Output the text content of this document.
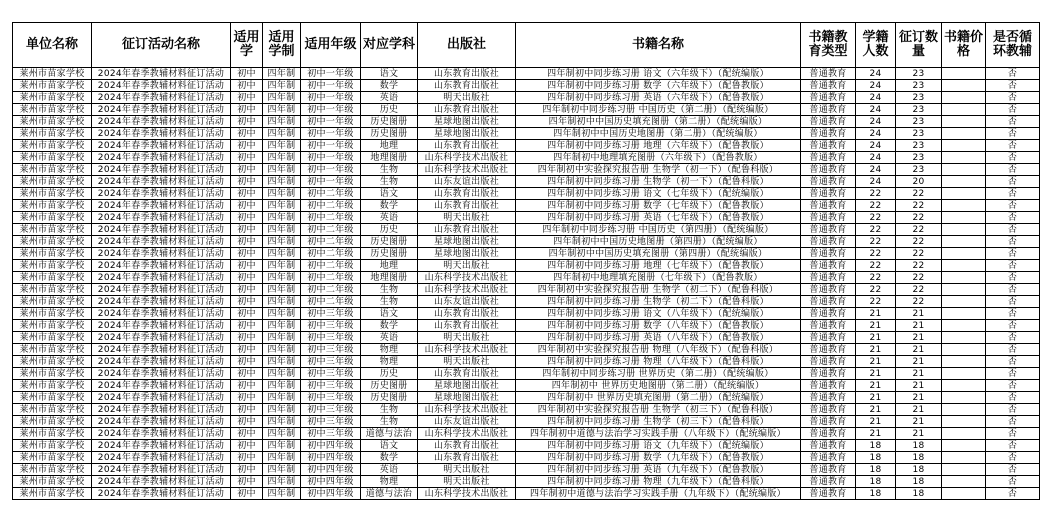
单位名称	征订活动名称	适用学	适用学制	适用年级	对应学科	出版社	书籍名称	书籍教育类型	学籍人数	征订数量	书籍价格	是否循环教辅
莱州市苗家学校	2024年春季教辅材料征订活动	初中	四年制	初中一年级	语文	山东教育出版社	四年制初中同步练习册 语文（六年级下）（配统编版）	普通教育	24	23		否
莱州市苗家学校	2024年春季教辅材料征订活动	初中	四年制	初中一年级	数学	山东教育出版社	四年制初中同步练习册 数学（六年级下）（配鲁教版）	普通教育	24	23		否
莱州市苗家学校	2024年春季教辅材料征订活动	初中	四年制	初中一年级	英语	明天出版社	四年制初中同步练习册 英语（六年级下）（配鲁教版）	普通教育	24	23		否
莱州市苗家学校	2024年春季教辅材料征订活动	初中	四年制	初中一年级	历史	山东教育出版社	四年制初中同步练习册 中国历史（第二册）（配统编版）	普通教育	24	23		否
莱州市苗家学校	2024年春季教辅材料征订活动	初中	四年制	初中一年级	历史图册	星球地图出版社	四年制初中中国历史填充图册（第二册）（配统编版）	普通教育	24	23		否
莱州市苗家学校	2024年春季教辅材料征订活动	初中	四年制	初中一年级	历史图册	星球地图出版社	四年制初中中国历史地图册（第二册）（配统编版）	普通教育	24	23		否
莱州市苗家学校	2024年春季教辅材料征订活动	初中	四年制	初中一年级	地理	山东教育出版社	四年制初中同步练习册 地理（六年级下）（配鲁教版）	普通教育	24	23		否
莱州市苗家学校	2024年春季教辅材料征订活动	初中	四年制	初中一年级	地理图册	山东科学技术出版社	四年制初中地理填充图册（六年级下）（配鲁教版）	普通教育	24	23		否
莱州市苗家学校	2024年春季教辅材料征订活动	初中	四年制	初中一年级	生物	山东科学技术出版社	四年制初中实验探究报告册 生物学（初一下）（配鲁科版）	普通教育	24	23		否
莱州市苗家学校	2024年春季教辅材料征订活动	初中	四年制	初中一年级	生物	山东友谊出版社	四年制初中同步练习册 生物学（初一下）（配鲁科版）	普通教育	24	20		否
莱州市苗家学校	2024年春季教辅材料征订活动	初中	四年制	初中二年级	语文	山东教育出版社	四年制初中同步练习册 语文（七年级下）（配统编版）	普通教育	22	22		否
莱州市苗家学校	2024年春季教辅材料征订活动	初中	四年制	初中二年级	数学	山东教育出版社	四年制初中同步练习册 数学（七年级下）（配鲁教版）	普通教育	22	22		否
莱州市苗家学校	2024年春季教辅材料征订活动	初中	四年制	初中二年级	英语	明天出版社	四年制初中同步练习册 英语（七年级下）（配鲁教版）	普通教育	22	22		否
莱州市苗家学校	2024年春季教辅材料征订活动	初中	四年制	初中二年级	历史	山东教育出版社	四年制初中同步练习册 中国历史（第四册）（配统编版）	普通教育	22	22		否
莱州市苗家学校	2024年春季教辅材料征订活动	初中	四年制	初中二年级	历史图册	星球地图出版社	四年制初中中国历史地图册（第四册）（配统编版）	普通教育	22	22		否
莱州市苗家学校	2024年春季教辅材料征订活动	初中	四年制	初中二年级	历史图册	星球地图出版社	四年制初中中国历史填充图册（第四册）（配统编版）	普通教育	22	22		否
莱州市苗家学校	2024年春季教辅材料征订活动	初中	四年制	初中二年级	地理	明天出版社	四年制初中同步练习册 地理（七年级下）（配鲁教版）	普通教育	22	22		否
莱州市苗家学校	2024年春季教辅材料征订活动	初中	四年制	初中二年级	地理图册	山东科学技术出版社	四年制初中地理填充图册（七年级下）（配鲁教版）	普通教育	22	22		否
莱州市苗家学校	2024年春季教辅材料征订活动	初中	四年制	初中二年级	生物	山东科学技术出版社	四年制初中实验探究报告册 生物学（初二下）（配鲁科版）	普通教育	22	22		否
莱州市苗家学校	2024年春季教辅材料征订活动	初中	四年制	初中二年级	生物	山东友谊出版社	四年制初中同步练习册 生物学（初二下）（配鲁科版）	普通教育	22	22		否
莱州市苗家学校	2024年春季教辅材料征订活动	初中	四年制	初中三年级	语文	山东教育出版社	四年制初中同步练习册 语文（八年级下）（配统编版）	普通教育	21	21		否
莱州市苗家学校	2024年春季教辅材料征订活动	初中	四年制	初中三年级	数学	山东教育出版社	四年制初中同步练习册 数学（八年级下）（配鲁教版）	普通教育	21	21		否
莱州市苗家学校	2024年春季教辅材料征订活动	初中	四年制	初中三年级	英语	明天出版社	四年制初中同步练习册 英语（八年级下）（配鲁教版）	普通教育	21	21		否
莱州市苗家学校	2024年春季教辅材料征订活动	初中	四年制	初中三年级	物理	山东科学技术出版社	四年制初中实验探究报告册 物理（八年级下）（配鲁科版）	普通教育	21	21		否
莱州市苗家学校	2024年春季教辅材料征订活动	初中	四年制	初中三年级	物理	明天出版社	四年制初中同步练习册 物理（八年级下）（配鲁科版）	普通教育	21	21		否
莱州市苗家学校	2024年春季教辅材料征订活动	初中	四年制	初中三年级	历史	山东教育出版社	四年制初中同步练习册 世界历史（第二册）（配统编版）	普通教育	21	21		否
莱州市苗家学校	2024年春季教辅材料征订活动	初中	四年制	初中三年级	历史图册	星球地图出版社	四年制初中 世界历史地图册（第二册）（配统编版）	普通教育	21	21		否
莱州市苗家学校	2024年春季教辅材料征订活动	初中	四年制	初中三年级	历史图册	星球地图出版社	四年制初中 世界历史填充图册（第二册）（配统编版）	普通教育	21	21		否
莱州市苗家学校	2024年春季教辅材料征订活动	初中	四年制	初中三年级	生物	山东科学技术出版社	四年制初中实验探究报告册 生物学（初三下）（配鲁科版）	普通教育	21	21		否
莱州市苗家学校	2024年春季教辅材料征订活动	初中	四年制	初中三年级	生物	山东友谊出版社	四年制初中同步练习册 生物学（初三下）（配鲁科版）	普通教育	21	21		否
莱州市苗家学校	2024年春季教辅材料征订活动	初中	四年制	初中三年级	道德与法治	山东科学技术出版社	四年制初中道德与法治学习实践手册（八年级下）（配统编版）	普通教育	21	21		否
莱州市苗家学校	2024年春季教辅材料征订活动	初中	四年制	初中四年级	语文	山东教育出版社	四年制初中同步练习册 语文（九年级下）（配统编版）	普通教育	18	18		否
莱州市苗家学校	2024年春季教辅材料征订活动	初中	四年制	初中四年级	数学	山东教育出版社	四年制初中同步练习册 数学（九年级下）（配鲁教版）	普通教育	18	18		否
莱州市苗家学校	2024年春季教辅材料征订活动	初中	四年制	初中四年级	英语	明天出版社	四年制初中同步练习册 英语（九年级下）（配鲁教版）	普通教育	18	18		否
莱州市苗家学校	2024年春季教辅材料征订活动	初中	四年制	初中四年级	物理	明天出版社	四年制初中同步练习册 物理（九年级下）（配鲁科版）	普通教育	18	18		否
莱州市苗家学校	2024年春季教辅材料征订活动	初中	四年制	初中四年级	道德与法治	山东科学技术出版社	四年制初中道德与法治学习实践手册（九年级下）（配统编版）	普通教育	18	18		否
